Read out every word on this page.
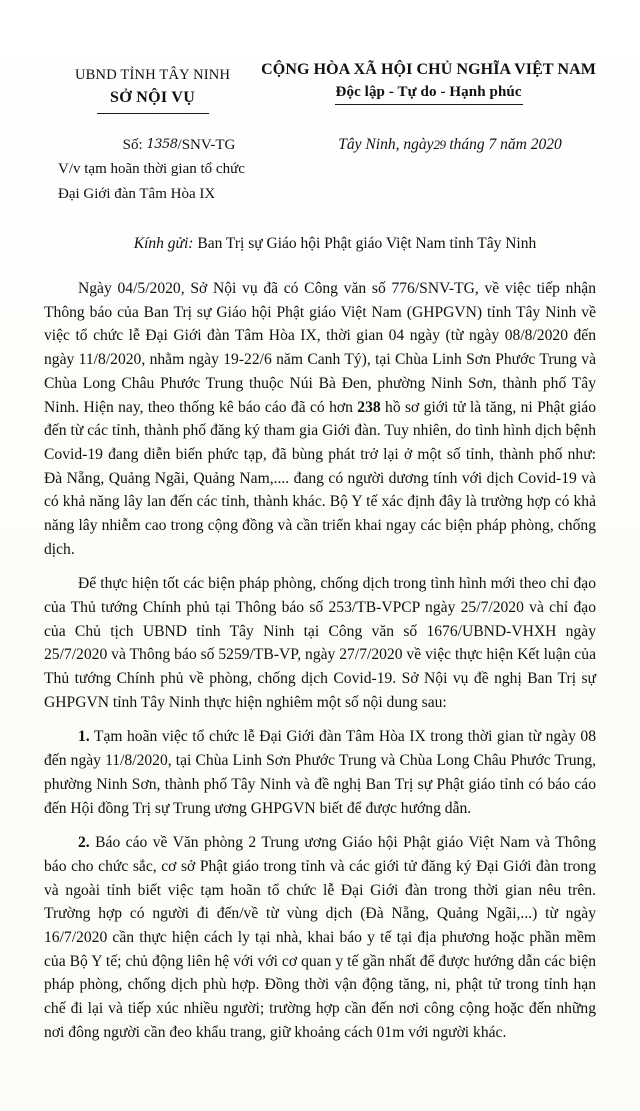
UBND TỈNH TÂY NINH
SỞ NỘI VỤ
CỘNG HÒA XÃ HỘI CHỦ NGHĨA VIỆT NAM
Độc lập - Tự do - Hạnh phúc
Số: 1358/SNV-TG
V/v tạm hoãn thời gian tổ chức
Đại Giới đàn Tâm Hòa IX
Tây Ninh, ngày29 tháng 7 năm 2020
Kính gửi: Ban Trị sự Giáo hội Phật giáo Việt Nam tỉnh Tây Ninh

Ngày 04/5/2020, Sở Nội vụ đã có Công văn số 776/SNV-TG, về việc tiếp nhận Thông báo của Ban Trị sự Giáo hội Phật giáo Việt Nam (GHPGVN) tỉnh Tây Ninh về việc tổ chức lễ Đại Giới đàn Tâm Hòa IX, thời gian 04 ngày (từ ngày 08/8/2020 đến ngày 11/8/2020, nhằm ngày 19-22/6 năm Canh Tý), tại Chùa Linh Sơn Phước Trung và Chùa Long Châu Phước Trung thuộc Núi Bà Đen, phường Ninh Sơn, thành phố Tây Ninh. Hiện nay, theo thống kê báo cáo đã có hơn 238 hồ sơ giới tử là tăng, ni Phật giáo đến từ các tỉnh, thành phố đăng ký tham gia Giới đàn. Tuy nhiên, do tình hình dịch bệnh Covid-19 đang diễn biến phức tạp, đã bùng phát trở lại ở một số tỉnh, thành phố như: Đà Nẵng, Quảng Ngãi, Quảng Nam,.... đang có người dương tính với dịch Covid-19 và có khả năng lây lan đến các tỉnh, thành khác. Bộ Y tế xác định đây là trường hợp có khả năng lây nhiễm cao trong cộng đồng và cần triển khai ngay các biện pháp phòng, chống dịch.

Để thực hiện tốt các biện pháp phòng, chống dịch trong tình hình mới theo chỉ đạo của Thủ tướng Chính phủ tại Thông báo số 253/TB-VPCP ngày 25/7/2020 và chỉ đạo của Chủ tịch UBND tỉnh Tây Ninh tại Công văn số 1676/UBND-VHXH ngày 25/7/2020 và Thông báo số 5259/TB-VP, ngày 27/7/2020 về việc thực hiện Kết luận của Thủ tướng Chính phủ về phòng, chống dịch Covid-19. Sở Nội vụ đề nghị Ban Trị sự GHPGVN tỉnh Tây Ninh thực hiện nghiêm một số nội dung sau:

1. Tạm hoãn việc tổ chức lễ Đại Giới đàn Tâm Hòa IX trong thời gian từ ngày 08 đến ngày 11/8/2020, tại Chùa Linh Sơn Phước Trung và Chùa Long Châu Phước Trung, phường Ninh Sơn, thành phố Tây Ninh và đề nghị Ban Trị sự Phật giáo tỉnh có báo cáo đến Hội đồng Trị sự Trung ương GHPGVN biết để được hướng dẫn.

2. Báo cáo về Văn phòng 2 Trung ương Giáo hội Phật giáo Việt Nam và Thông báo cho chức sắc, cơ sở Phật giáo trong tỉnh và các giới tử đăng ký Đại Giới đàn trong và ngoài tỉnh biết việc tạm hoãn tổ chức lễ Đại Giới đàn trong thời gian nêu trên. Trường hợp có người đi đến/về từ vùng dịch (Đà Nẵng, Quảng Ngãi,...) từ ngày 16/7/2020 cần thực hiện cách ly tại nhà, khai báo y tế tại địa phương hoặc phần mềm của Bộ Y tế; chủ động liên hệ với với cơ quan y tế gần nhất để được hướng dẫn các biện pháp phòng, chống dịch phù hợp. Đồng thời vận động tăng, ni, phật tử trong tỉnh hạn chế đi lại và tiếp xúc nhiều người; trường hợp cần đến nơi công cộng hoặc đến những nơi đông người cần đeo khẩu trang, giữ khoảng cách 01m với người khác.
